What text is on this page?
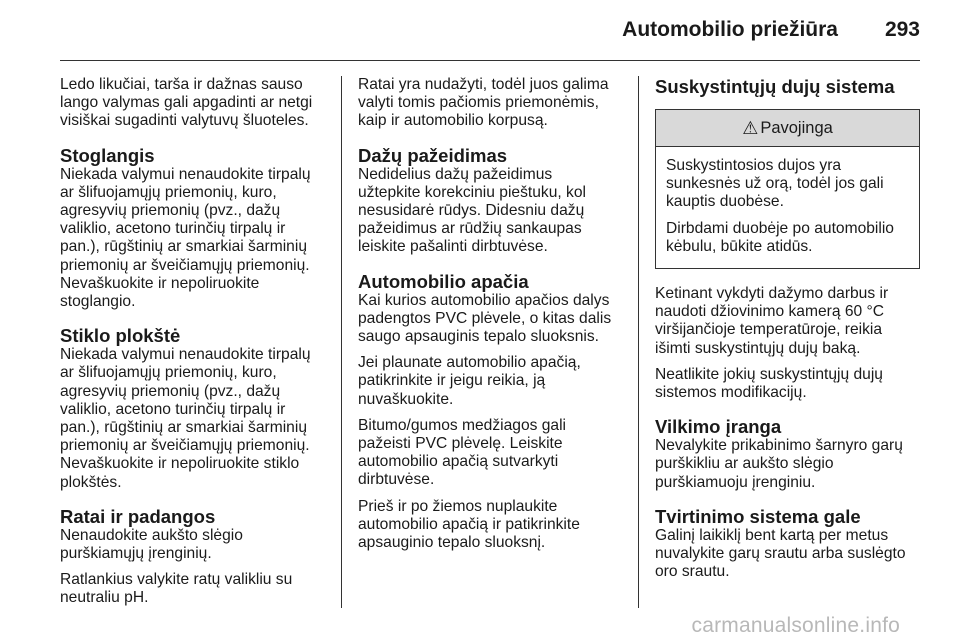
Automobilio priežiūra 293

Ledo likučiai, tarša ir dažnas sauso
lango valymas gali apgadinti ar netgi
visiškai sugadinti valytuvų šluoteles.

Stoglangis

Niekada valymui nenaudokite tirpalų
ar šlifuojamųjų priemonių, kuro,
agresyvių priemonių (pvz., dažų
valiklio, acetono turinčių tirpalų ir
pan.), rūgštinių ar smarkiai šarminių
priemonių ar šveičiamųjų priemonių.
Nevaškuokite ir nepoliruokite
stoglangio.

Stiklo plokštė

Niekada valymui nenaudokite tirpalų
ar šlifuojamųjų priemonių, kuro,
agresyvių priemonių (pvz., dažų
valiklio, acetono turinčių tirpalų ir
pan.), rūgštinių ar smarkiai šarminių
priemonių ar šveičiamųjų priemonių.
Nevaškuokite ir nepoliruokite stiklo
plokštės.

Ratai ir padangos

Nenaudokite aukšto slėgio
purškiamųjų įrenginių.

Ratlankius valykite ratų valikliu su
neutraliu pH.

Ratai yra nudažyti, todėl juos galima
valyti tomis pačiomis priemonėmis,
kaip ir automobilio korpusą.

Dažų pažeidimas

Nedidelius dažų pažeidimus
užtepkite korekciniu pieštuku, kol
nesusidarė rūdys. Didesniu dažų
pažeidimus ar rūdžių sankaupas
leiskite pašalinti dirbtuvėse.

Automobilio apačia

Kai kurios automobilio apačios dalys
padengtos PVC plėvele, o kitas dalis
saugo apsauginis tepalo sluoksnis.

Jei plaunate automobilio apačią,
patikrinkite ir jeigu reikia, ją
nuvaškuokite.

Bitumo/gumos medžiagos gali
pažeisti PVC plėvelę. Leiskite
automobilio apačią sutvarkyti
dirbtuvėse.

Prieš ir po žiemos nuplaukite
automobilio apačią ir patikrinkite
apsauginio tepalo sluoksnį.

Suskystintųjų dujų sistema
⚠ Pavojinga

Suskystintosios dujos yra
sunkesnės už orą, todėl jos gali
kauptis duobėse.

Dirbdami duobėje po automobilio
kėbulu, būkite atidūs.

Ketinant vykdyti dažymo darbus ir
naudoti džiovinimo kamerą 60 °C
viršijančioje temperatūroje, reikia
išimti suskystintųjų dujų baką.

Neatlikite jokių suskystintųjų dujų
sistemos modifikacijų.

Vilkimo įranga

Nevalykite prikabinimo šarnyro garų
purškikliu ar aukšto slėgio
purškiamuoju įrenginiu.

Tvirtinimo sistema gale

Galinį laikiklį bent kartą per metus
nuvalykite garų srautu arba suslėgto
oro srautu.

carmanualsonline.info
